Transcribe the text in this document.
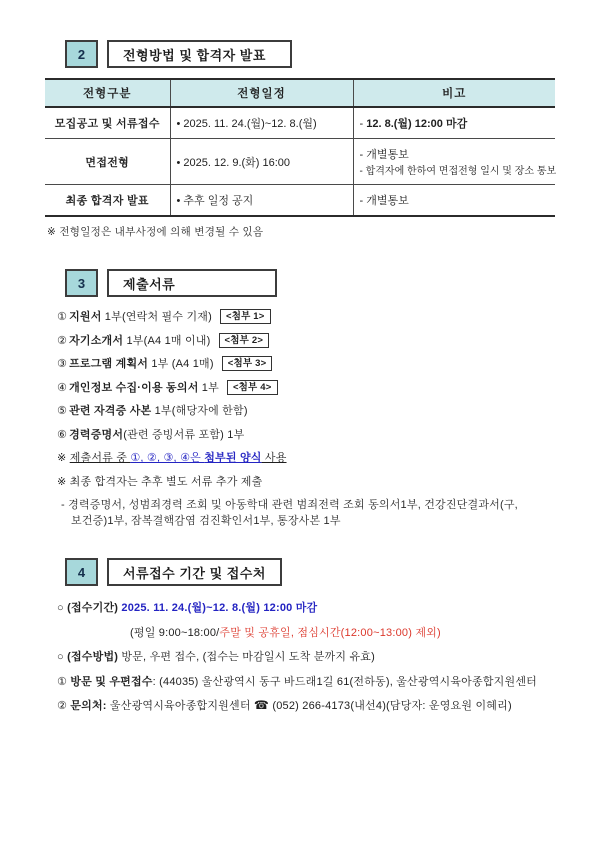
2	전형방법 및 합격자 발표
전형구분	전형일정	비고
모집공고 및 서류접수	• 2025. 11. 24.(월)~12. 8.(월)	- 12. 8.(월) 12:00 마감

면접전형	• 2025. 12. 9.(화) 16:00	- 개별통보
- 합격자에 한하여 면접전형 일시 및 장소 통보

최종 합격자 발표	• 추후 일정 공지	- 개별통보
※ 전형일정은 내부사정에 의해 변경될 수 있음
3	제출서류
① 지원서 1부(연락처 필수 기재) <첨부 1>
② 자기소개서 1부(A4 1매 이내) <첨부 2>
③ 프로그램 계획서 1부 (A4 1매) <첨부 3>
④ 개인정보 수집·이용 동의서 1부 <첨부 4>
⑤ 관련 자격증 사본 1부(해당자에 한함)
⑥ 경력증명서(관련 증빙서류 포함) 1부
※ 제출서류 중 ①, ②, ③, ④은 첨부된 양식 사용
※ 최종 합격자는 추후 별도 서류 추가 제출
- 경력증명서, 성범죄경력 조회 및 아동학대 관련 범죄전력 조회 동의서1부, 건강진단결과서(구, 보건증)1부, 잠복결핵감염 검진확인서1부, 통장사본 1부
4	서류접수 기간 및 접수처
○ (접수기간) 2025. 11. 24.(월)~12. 8.(월) 12:00 마감
(평일 9:00~18:00/주말 및 공휴일, 점심시간(12:00~13:00) 제외)
○ (접수방법) 방문, 우편 접수, (접수는 마감일시 도착 분까지 유효)
① 방문 및 우편접수: (44035) 울산광역시 동구 바드래1길 61(전하동), 울산광역시육아종합지원센터
② 문의처: 울산광역시육아종합지원센터 ☎ (052) 266-4173(내선4)(담당자: 운영요원 이혜리)
